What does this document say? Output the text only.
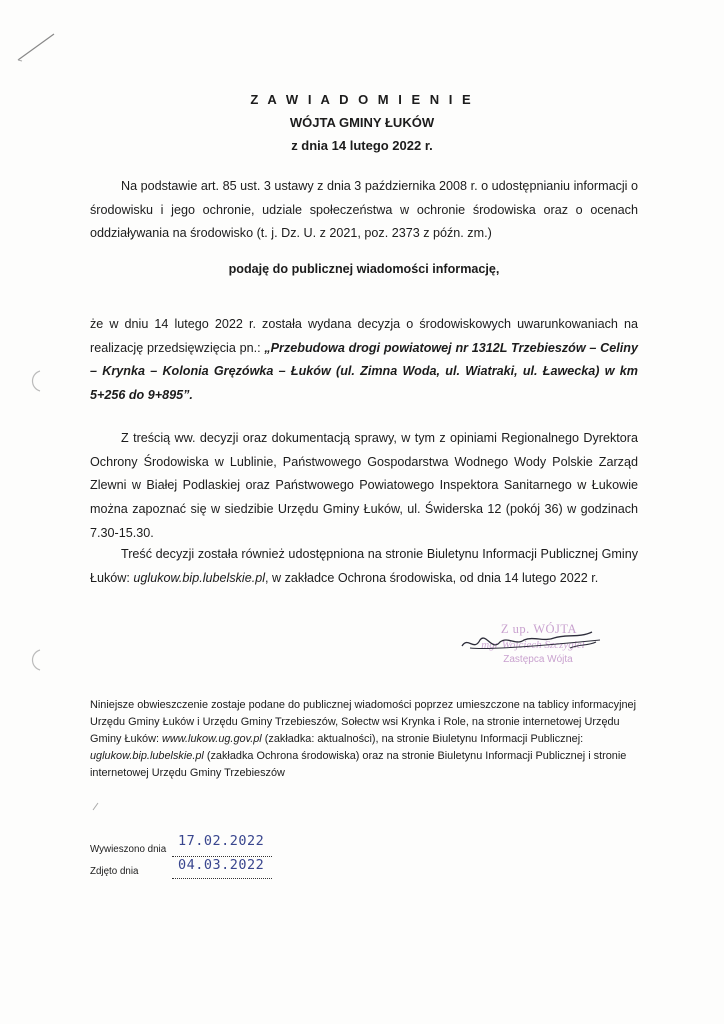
Z A W I A D O M I E N I E
WÓJTA GMINY ŁUKÓW
z dnia 14 lutego 2022 r.
Na podstawie art. 85 ust. 3 ustawy z dnia 3 października 2008 r. o udostępnianiu informacji o środowisku i jego ochronie, udziale społeczeństwa w ochronie środowiska oraz o ocenach oddziaływania na środowisko (t. j. Dz. U. z 2021, poz. 2373 z późn. zm.)
podaję do publicznej wiadomości informację,
że w dniu 14 lutego 2022 r. została wydana decyzja o środowiskowych uwarunkowaniach na realizację przedsięwzięcia pn.: „Przebudowa drogi powiatowej nr 1312L Trzebieszów – Celiny – Krynka – Kolonia Gręzówka – Łuków (ul. Zimna Woda, ul. Wiatraki, ul. Ławecka) w km 5+256 do 9+895”.
Z treścią ww. decyzji oraz dokumentacją sprawy, w tym z opiniami Regionalnego Dyrektora Ochrony Środowiska w Lublinie, Państwowego Gospodarstwa Wodnego Wody Polskie Zarząd Zlewni w Białej Podlaskiej oraz Państwowego Powiatowego Inspektora Sanitarnego w Łukowie można zapoznać się w siedzibie Urzędu Gminy Łuków, ul. Świderska 12 (pokój 36) w godzinach 7.30-15.30.
Treść decyzji została również udostępniona na stronie Biuletynu Informacji Publicznej Gminy Łuków: uglukow.bip.lubelskie.pl, w zakładce Ochrona środowiska, od dnia 14 lutego 2022 r.
Z up. WÓJTA
mgr Wojciech Szczygieł
Zastępca Wójta
Niniejsze obwieszczenie zostaje podane do publicznej wiadomości poprzez umieszczone na tablicy informacyjnej Urzędu Gminy Łuków i Urzędu Gminy Trzebieszów, Sołectw wsi Krynka i Role, na stronie internetowej Urzędu Gminy Łuków: www.lukow.ug.gov.pl (zakładka: aktualności), na stronie Biuletynu Informacji Publicznej: uglukow.bip.lubelskie.pl (zakładka Ochrona środowiska) oraz na stronie Biuletynu Informacji Publicznej i stronie internetowej Urzędu Gminy Trzebieszów
Wywieszono dnia
17.02.2022
Zdjęto dnia	04.03.2022
